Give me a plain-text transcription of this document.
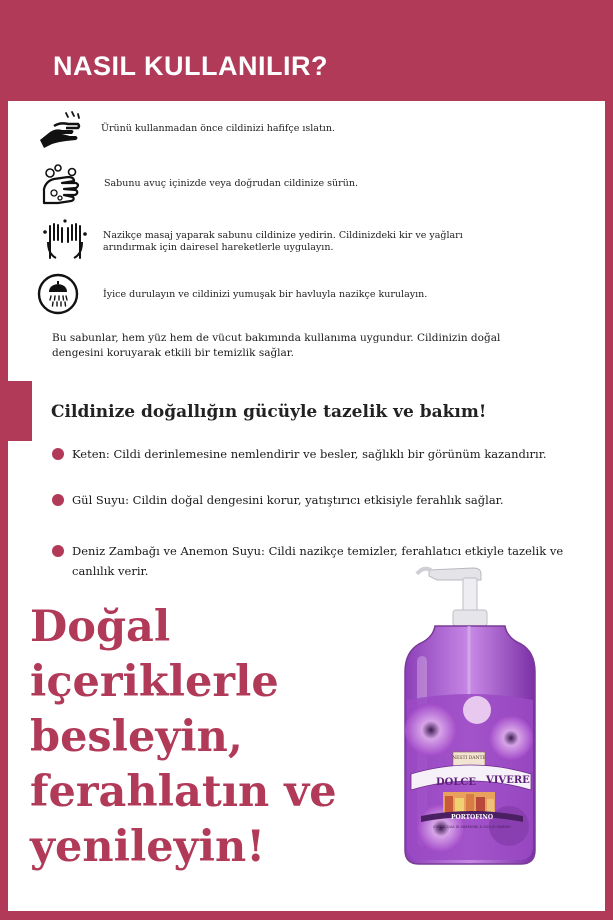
NASIL KULLANILIR?
Ürünü kullanmadan önce cildinizi hafifçe ıslatın.
Sabunu avuç içinizde veya doğrudan cildinize sürün.
Nazikçe masaj yaparak sabunu cildinize yedirin. Cildinizdeki kir ve yağları arındırmak için dairesel hareketlerle uygulayın.
İyice durulayın ve cildinizi yumuşak bir havluyla nazikçe kurulayın.
Bu sabunlar, hem yüz hem de vücut bakımında kullanıma uygundur. Cildinizin doğal dengesini koruyarak etkili bir temizlik sağlar.
Cildinize doğallığın gücüyle tazelik ve bakım!
Keten: Cildi derinlemesine nemlendirir ve besler, sağlıklı bir görünüm kazandırır.
Gül Suyu: Cildin doğal dengesini korur, yatıştırıcı etkisiyle ferahlık sağlar.
Deniz Zambağı ve Anemon Suyu: Cildi nazikçe temizler, ferahlatıcı etkiyle tazelik ve canlılık verir.
Doğal
içeriklerle
besleyin,
ferahlatın ve
yenileyin!
NESTI DANTE
DOLCE VIVERE
PORTOFINO
CON ACQUA DI ANEMONE & GIGLIO MARINO
